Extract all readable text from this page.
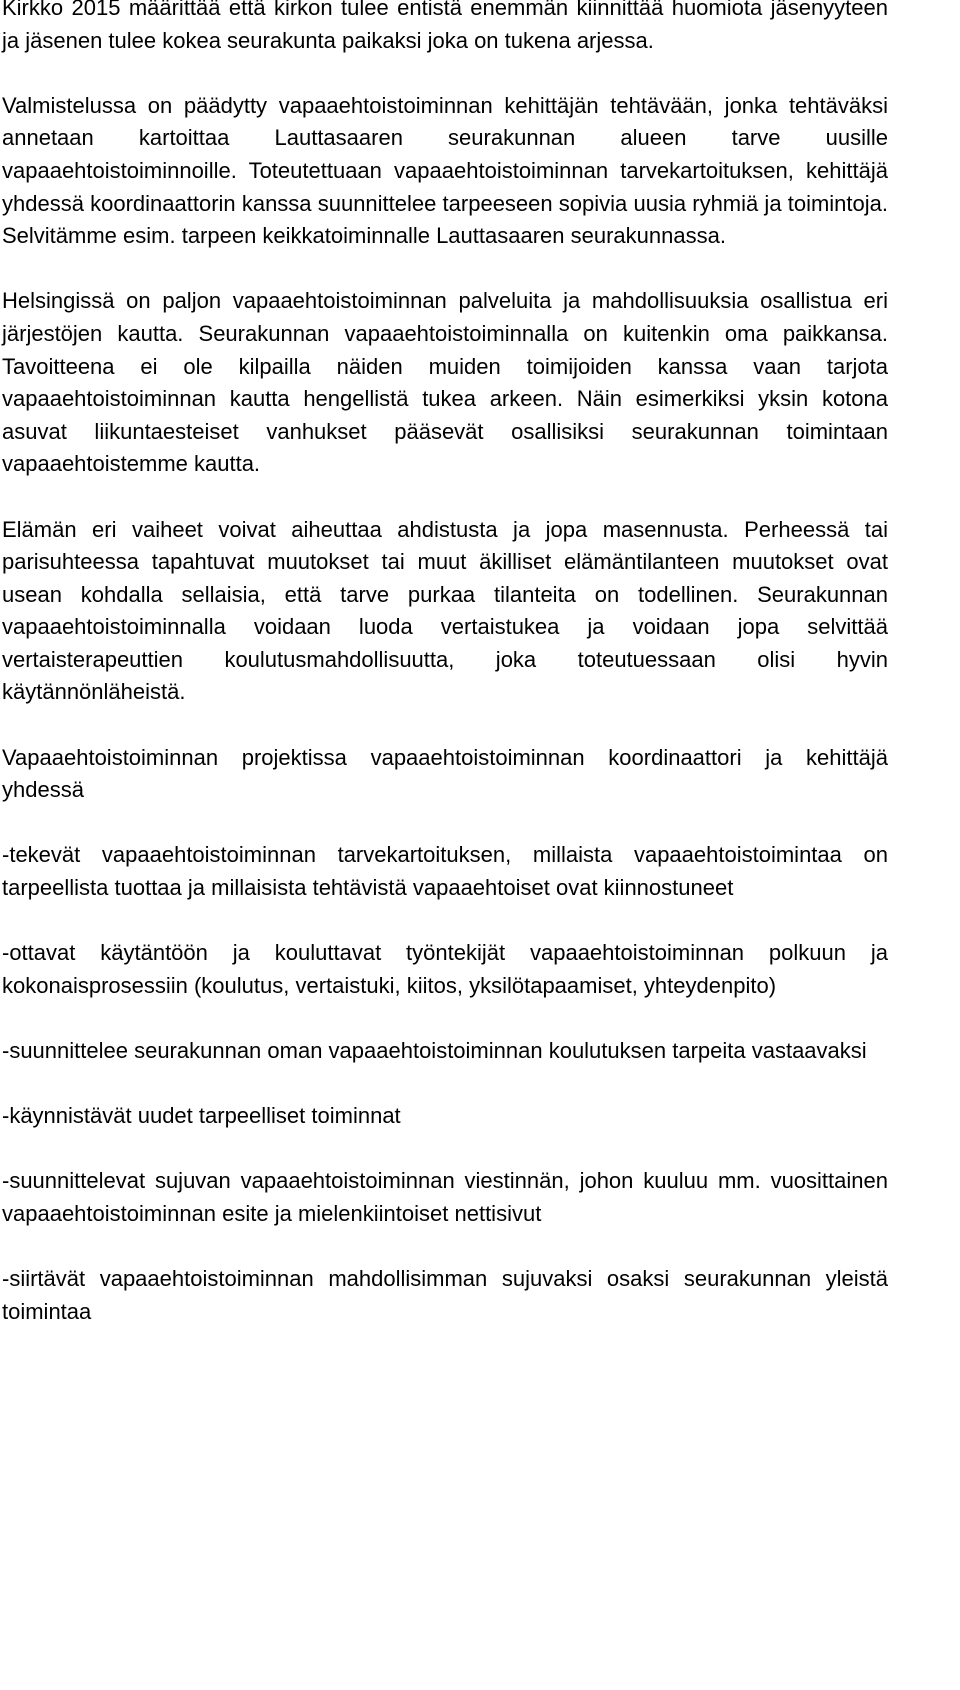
Kirkko 2015 määrittää että kirkon tulee entistä enemmän kiinnittää huomiota jäsenyyteen ja jäsenen tulee kokea seurakunta paikaksi joka on tukena arjessa.

Valmistelussa on päädytty vapaaehtoistoiminnan kehittäjän tehtävään, jonka tehtäväksi annetaan kartoittaa Lauttasaaren seurakunnan alueen tarve uusille vapaaehtoistoiminnoille. Toteutettuaan vapaaehtoistoiminnan tarvekartoituksen, kehittäjä yhdessä koordinaattorin kanssa suunnittelee tarpeeseen sopivia uusia ryhmiä ja toimintoja. Selvitämme esim. tarpeen keikkatoiminnalle Lauttasaaren seurakunnassa.

Helsingissä on paljon vapaaehtoistoiminnan palveluita ja mahdollisuuksia osallistua eri järjestöjen kautta. Seurakunnan vapaaehtoistoiminnalla on kuitenkin oma paikkansa. Tavoitteena ei ole kilpailla näiden muiden toimijoiden kanssa vaan tarjota vapaaehtoistoiminnan kautta hengellistä tukea arkeen. Näin esimerkiksi yksin kotona asuvat liikuntaesteiset vanhukset pääsevät osallisiksi seurakunnan toimintaan vapaaehtoistemme kautta.

Elämän eri vaiheet voivat aiheuttaa ahdistusta ja jopa masennusta. Perheessä tai parisuhteessa tapahtuvat muutokset tai muut äkilliset elämäntilanteen muutokset ovat usean kohdalla sellaisia, että tarve purkaa tilanteita on todellinen. Seurakunnan vapaaehtoistoiminnalla voidaan luoda vertaistukea ja voidaan jopa selvittää vertaisterapeuttien koulutusmahdollisuutta, joka toteutuessaan olisi hyvin käytännönläheistä.

Vapaaehtoistoiminnan projektissa vapaaehtoistoiminnan koordinaattori ja kehittäjä yhdessä

-tekevät vapaaehtoistoiminnan tarvekartoituksen, millaista vapaaehtoistoimintaa on tarpeellista tuottaa ja millaisista tehtävistä vapaaehtoiset ovat kiinnostuneet

-ottavat käytäntöön ja kouluttavat työntekijät vapaaehtoistoiminnan polkuun ja kokonaisprosessiin (koulutus, vertaistuki, kiitos, yksilötapaamiset, yhteydenpito)

-suunnittelee seurakunnan oman vapaaehtoistoiminnan koulutuksen tarpeita vastaavaksi

-käynnistävät uudet tarpeelliset toiminnat

-suunnittelevat sujuvan vapaaehtoistoiminnan viestinnän, johon kuuluu mm. vuosittainen vapaaehtoistoiminnan esite ja mielenkiintoiset nettisivut

-siirtävät vapaaehtoistoiminnan mahdollisimman sujuvaksi osaksi seurakunnan yleistä toimintaa
